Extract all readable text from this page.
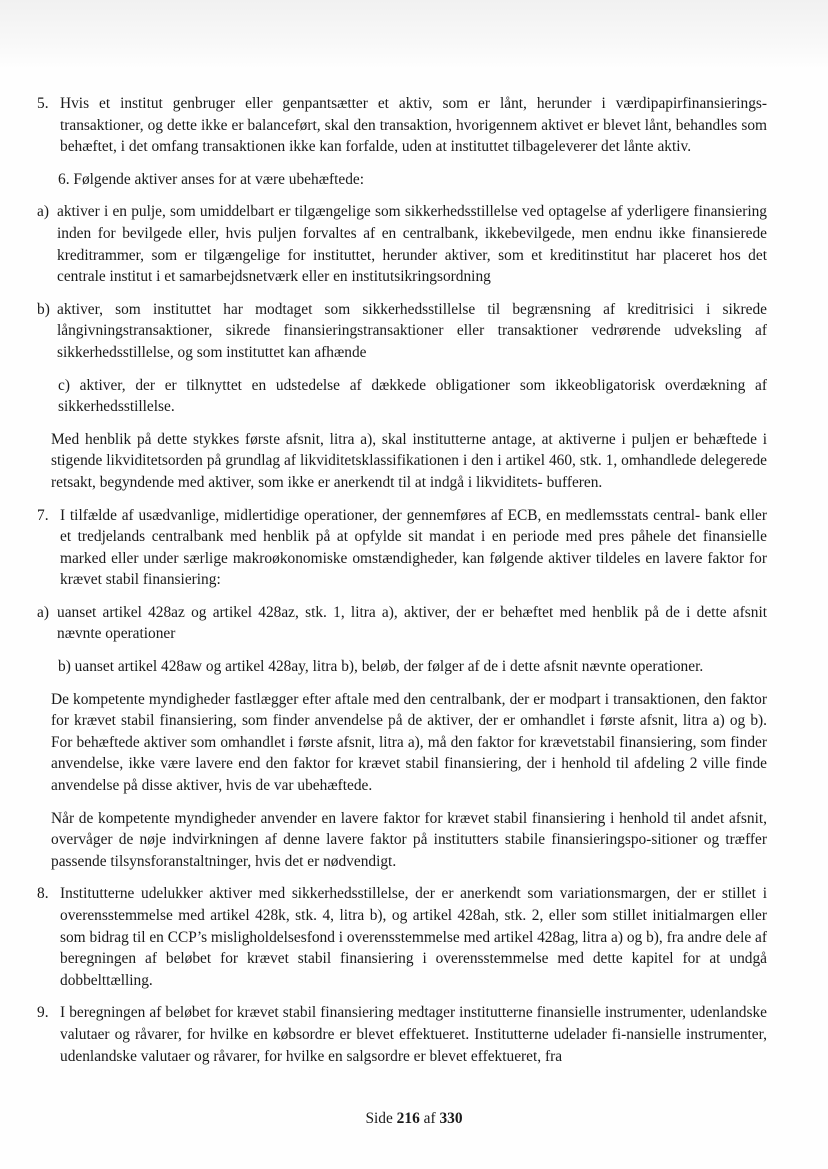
5. Hvis et institut genbruger eller genpantsætter et aktiv, som er lånt, herunder i værdipapirfinansierings-transaktioner, og dette ikke er balanceført, skal den transaktion, hvorigennem aktivet er blevet lånt, behandles som behæftet, i det omfang transaktionen ikke kan forfalde, uden at instituttet tilbageleverer det lånte aktiv.
6. Følgende aktiver anses for at være ubehæftede:
a) aktiver i en pulje, som umiddelbart er tilgængelige som sikkerhedsstillelse ved optagelse af yderligere finansiering inden for bevilgede eller, hvis puljen forvaltes af en centralbank, ikkebevilgede, men endnu ikke finansierede kreditrammer, som er tilgængelige for instituttet, herunder aktiver, som et kreditinstitut har placeret hos det centrale institut i et samarbejdsnetværk eller en institutsikringsordning
b) aktiver, som instituttet har modtaget som sikkerhedsstillelse til begrænsning af kreditrisici i sikrede långivningstransaktioner, sikrede finansieringstransaktioner eller transaktioner vedrørende udveksling af sikkerhedsstillelse, og som instituttet kan afhænde
c) aktiver, der er tilknyttet en udstedelse af dækkede obligationer som ikkeobligatorisk overdækning af sikkerhedsstillelse.
Med henblik på dette stykkes første afsnit, litra a), skal institutterne antage, at aktiverne i puljen er behæftede i stigende likviditetsorden på grundlag af likviditetsklassifikationen i den i artikel 460, stk. 1, omhandlede delegerede retsakt, begyndende med aktiver, som ikke er anerkendt til at indgå i likviditets- bufferen.
7. I tilfælde af usædvanlige, midlertidige operationer, der gennemføres af ECB, en medlemsstats central- bank eller et tredjelands centralbank med henblik på at opfylde sit mandat i en periode med pres påhele det finansielle marked eller under særlige makroøkonomiske omstændigheder, kan følgende aktiver tildeles en lavere faktor for krævet stabil finansiering:
a) uanset artikel 428az og artikel 428az, stk. 1, litra a), aktiver, der er behæftet med henblik på de i dette afsnit nævnte operationer
b) uanset artikel 428aw og artikel 428ay, litra b), beløb, der følger af de i dette afsnit nævnte operationer.
De kompetente myndigheder fastlægger efter aftale med den centralbank, der er modpart i transaktionen, den faktor for krævet stabil finansiering, som finder anvendelse på de aktiver, der er omhandlet i første afsnit, litra a) og b). For behæftede aktiver som omhandlet i første afsnit, litra a), må den faktor for krævetstabil finansiering, som finder anvendelse, ikke være lavere end den faktor for krævet stabil finansiering, der i henhold til afdeling 2 ville finde anvendelse på disse aktiver, hvis de var ubehæftede.
Når de kompetente myndigheder anvender en lavere faktor for krævet stabil finansiering i henhold til andet afsnit, overvåger de nøje indvirkningen af denne lavere faktor på institutters stabile finansieringspo-sitioner og træffer passende tilsynsforanstaltninger, hvis det er nødvendigt.
8. Institutterne udelukker aktiver med sikkerhedsstillelse, der er anerkendt som variationsmargen, der er stillet i overensstemmelse med artikel 428k, stk. 4, litra b), og artikel 428ah, stk. 2, eller som stillet initialmargen eller som bidrag til en CCP’s misligholdelsesfond i overensstemmelse med artikel 428ag, litra a) og b), fra andre dele af beregningen af beløbet for krævet stabil finansiering i overensstemmelse med dette kapitel for at undgå dobbelttælling.
9. I beregningen af beløbet for krævet stabil finansiering medtager institutterne finansielle instrumenter, udenlandske valutaer og råvarer, for hvilke en købsordre er blevet effektueret. Institutterne udelader fi-nansielle instrumenter, udenlandske valutaer og råvarer, for hvilke en salgsordre er blevet effektueret, fra
Side 216 af 330
